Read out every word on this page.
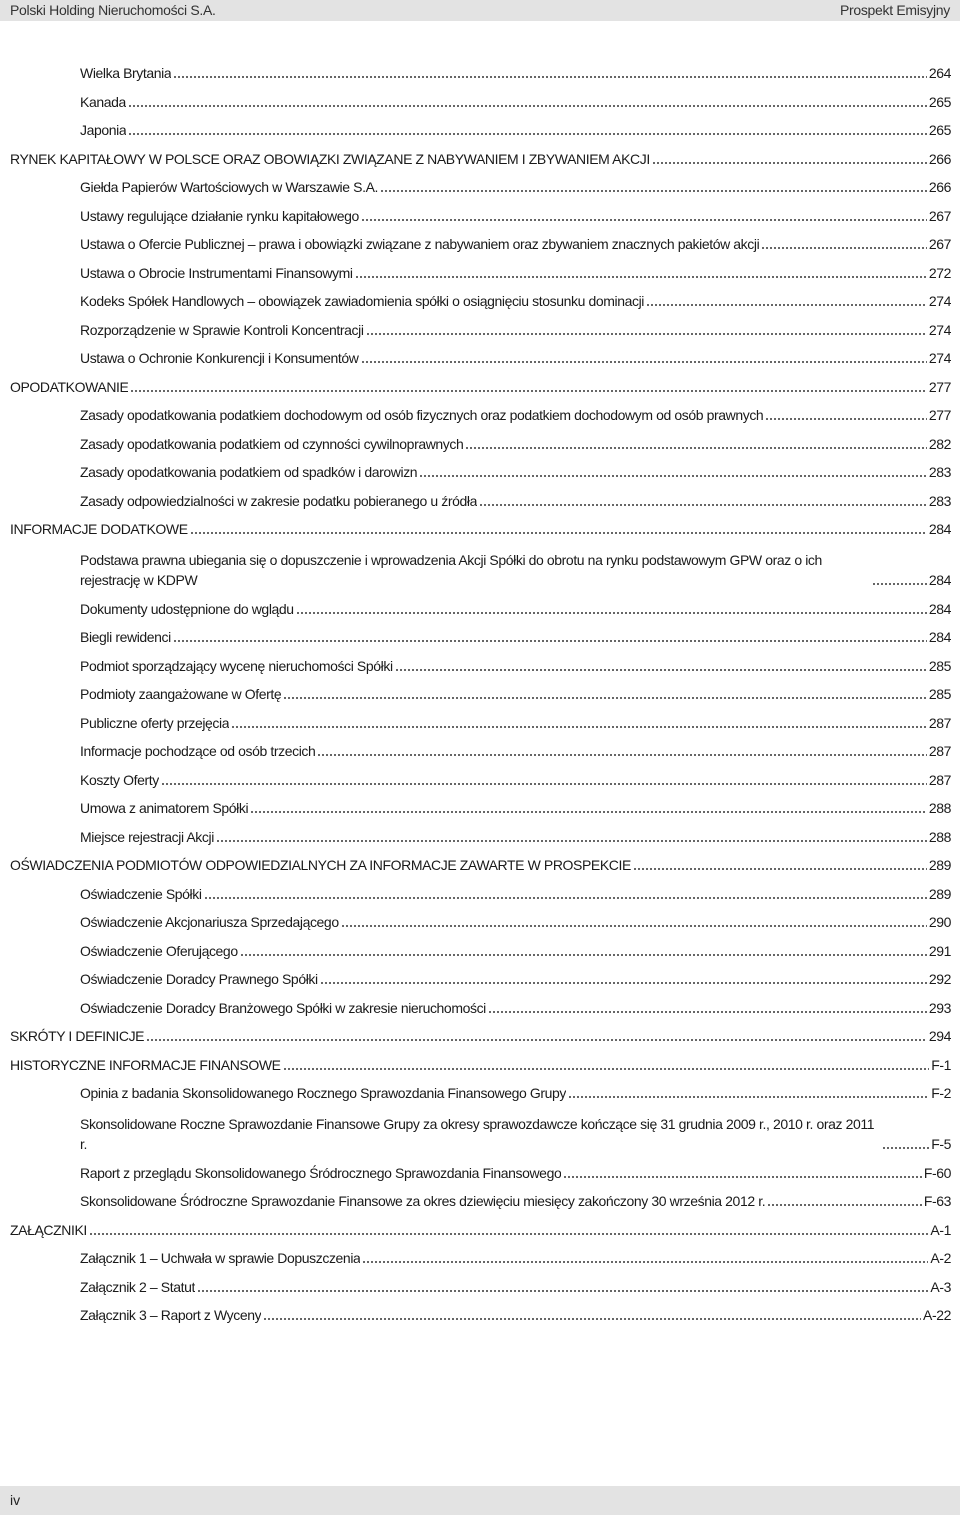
Polski Holding Nieruchomości S.A.	Prospekt Emisyjny
Wielka Brytania	264
Kanada	265
Japonia	265
RYNEK KAPITAŁOWY W POLSCE ORAZ OBOWIĄZKI ZWIĄZANE Z NABYWANIEM I ZBYWANIEM AKCJI	266
Giełda Papierów Wartościowych w Warszawie S.A.	266
Ustawy regulujące działanie rynku kapitałowego	267
Ustawa o Ofercie Publicznej – prawa i obowiązki związane z nabywaniem oraz zbywaniem znacznych pakietów akcji	267
Ustawa o Obrocie Instrumentami Finansowymi	272
Kodeks Spółek Handlowych – obowiązek zawiadomienia spółki o osiągnięciu stosunku dominacji	274
Rozporządzenie w Sprawie Kontroli Koncentracji	274
Ustawa o Ochronie Konkurencji i Konsumentów	274
OPODATKOWANIE	277
Zasady opodatkowania podatkiem dochodowym od osób fizycznych oraz podatkiem dochodowym od osób prawnych	277
Zasady opodatkowania podatkiem od czynności cywilnoprawnych	282
Zasady opodatkowania podatkiem od spadków i darowizn	283
Zasady odpowiedzialności w zakresie podatku pobieranego u źródła	283
INFORMACJE DODATKOWE	284
Podstawa prawna ubiegania się o dopuszczenie i wprowadzenia Akcji Spółki do obrotu na rynku podstawowym GPW oraz o ich rejestrację w KDPW	284
Dokumenty udostępnione do wglądu	284
Biegli rewidenci	284
Podmiot sporządzający wycenę nieruchomości Spółki	285
Podmioty zaangażowane w Ofertę	285
Publiczne oferty przejęcia	287
Informacje pochodzące od osób trzecich	287
Koszty Oferty	287
Umowa z animatorem Spółki	288
Miejsce rejestracji Akcji	288
OŚWIADCZENIA PODMIOTÓW ODPOWIEDZIALNYCH ZA INFORMACJE ZAWARTE W PROSPEKCIE	289
Oświadczenie Spółki	289
Oświadczenie Akcjonariusza Sprzedającego	290
Oświadczenie Oferującego	291
Oświadczenie Doradcy Prawnego Spółki	292
Oświadczenie Doradcy Branżowego Spółki w zakresie nieruchomości	293
SKRÓTY I DEFINICJE	294
HISTORYCZNE INFORMACJE FINANSOWE	F-1
Opinia z badania Skonsolidowanego Rocznego Sprawozdania Finansowego Grupy	F-2
Skonsolidowane Roczne Sprawozdanie Finansowe Grupy za okresy sprawozdawcze kończące się 31 grudnia 2009 r., 2010 r. oraz 2011 r.	F-5
Raport z przeglądu Skonsolidowanego Śródrocznego Sprawozdania Finansowego	F-60
Skonsolidowane Śródroczne Sprawozdanie Finansowe za okres dziewięciu miesięcy zakończony 30 września 2012 r.	F-63
ZAŁĄCZNIKI	A-1
Załącznik 1 – Uchwała w sprawie Dopuszczenia	A-2
Załącznik 2 – Statut	A-3
Załącznik 3 – Raport z Wyceny	A-22
iv
